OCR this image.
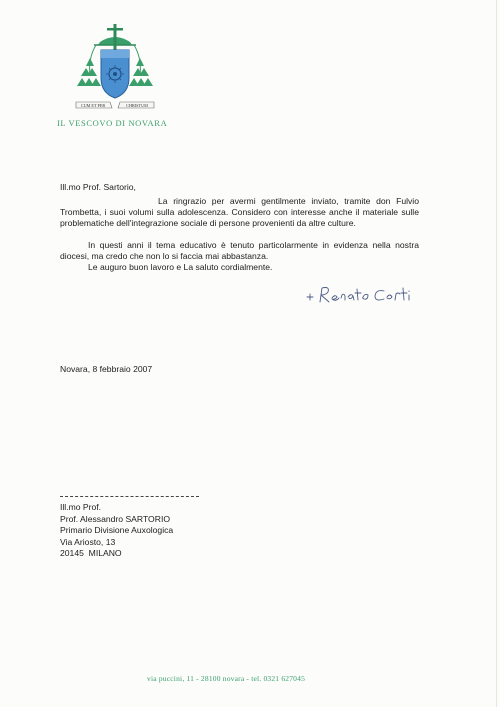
CUM ET PER	CHRISTUM
IL VESCOVO DI NOVARA
Ill.mo Prof. Sartorio,
La ringrazio per avermi gentilmente inviato, tramite don Fulvio Trombetta, i suoi volumi sulla adolescenza. Considero con interesse anche il materiale sulle problematiche dell'integrazione sociale di persone provenienti da altre culture.
In questi anni il tema educativo è tenuto particolarmente in evidenza nella nostra diocesi, ma credo che non lo si faccia mai abbastanza.
Le auguro buon lavoro e La saluto cordialmente.
Novara, 8 febbraio 2007
Ill.mo Prof.
Prof. Alessandro SARTORIO
Primario Divisione Auxologica
Via Ariosto, 13
20145  MILANO
via puccini, 11 - 28100 novara - tel. 0321 627045
